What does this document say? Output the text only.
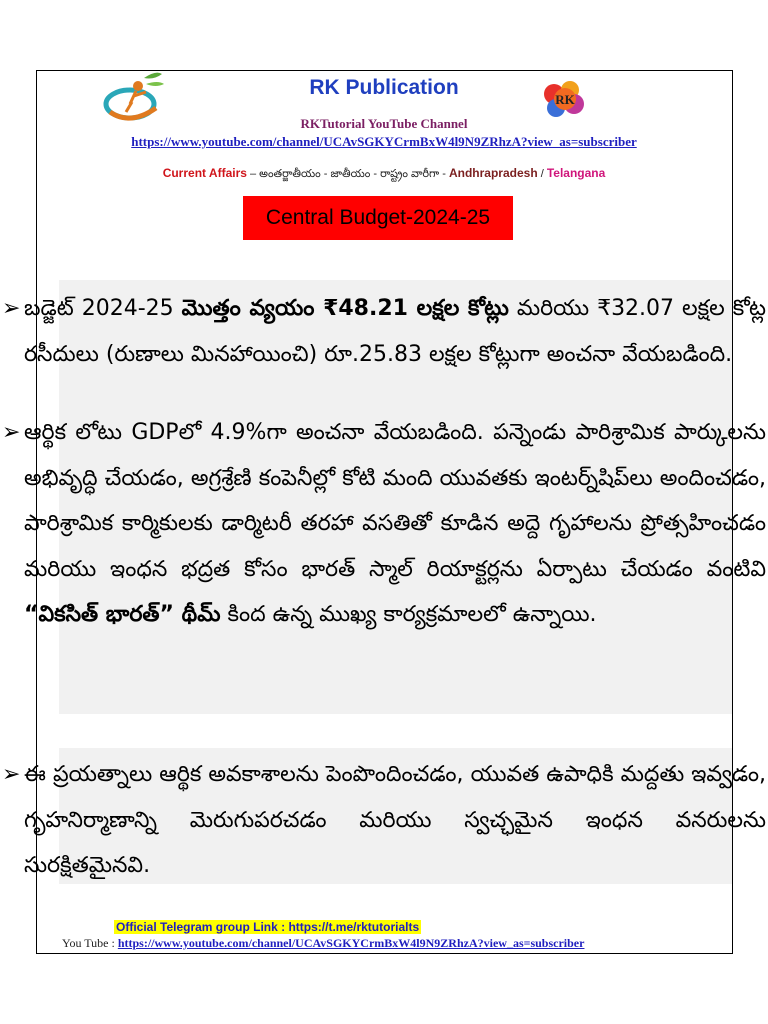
RK
RK Publication
RKTutorial YouTube Channel
https://www.youtube.com/channel/UCAvSGKYCrmBxW4l9N9ZRhzA?view_as=subscriber
Current Affairs – అంతర్జాతీయం - జాతీయం - రాష్ట్రం వారీగా - Andhrapradesh / Telangana
Central Budget-2024-25
➢ బడ్జెట్ 2024-25 మొత్తం వ్యయం ₹48.21 లక్షల కోట్లు మరియు ₹32.07 లక్షల కోట్ల రసీదులు (రుణాలు మినహాయించి) రూ.25.83 లక్షల కోట్లుగా అంచనా వేయబడింది.
➢ ఆర్థిక లోటు GDPలో 4.9%గా అంచనా వేయబడింది. పన్నెండు పారిశ్రామిక పార్కులను అభివృద్ధి చేయడం, అగ్రశ్రేణి కంపెనీల్లో కోటి మంది యువతకు ఇంటర్న్‌షిప్‌లు అందించడం, పారిశ్రామిక కార్మికులకు డార్మిటరీ తరహా వసతితో కూడిన అద్దె గృహాలను ప్రోత్సహించడం మరియు ఇంధన భద్రత కోసం భారత్ స్మాల్ రియాక్టర్లను ఏర్పాటు చేయడం వంటివి “వికసిత్ భారత్” థీమ్ కింద ఉన్న ముఖ్య కార్యక్రమాలలో ఉన్నాయి.
➢ ఈ ప్రయత్నాలు ఆర్థిక అవకాశాలను పెంపొందించడం, యువత ఉపాధికి మద్దతు ఇవ్వడం, గృహనిర్మాణాన్ని మెరుగుపరచడం మరియు స్వచ్ఛమైన ఇంధన వనరులను సురక్షితమైనవి.
Official Telegram group Link : https://t.me/rktutorialts
You Tube : https://www.youtube.com/channel/UCAvSGKYCrmBxW4l9N9ZRhzA?view_as=subscriber
